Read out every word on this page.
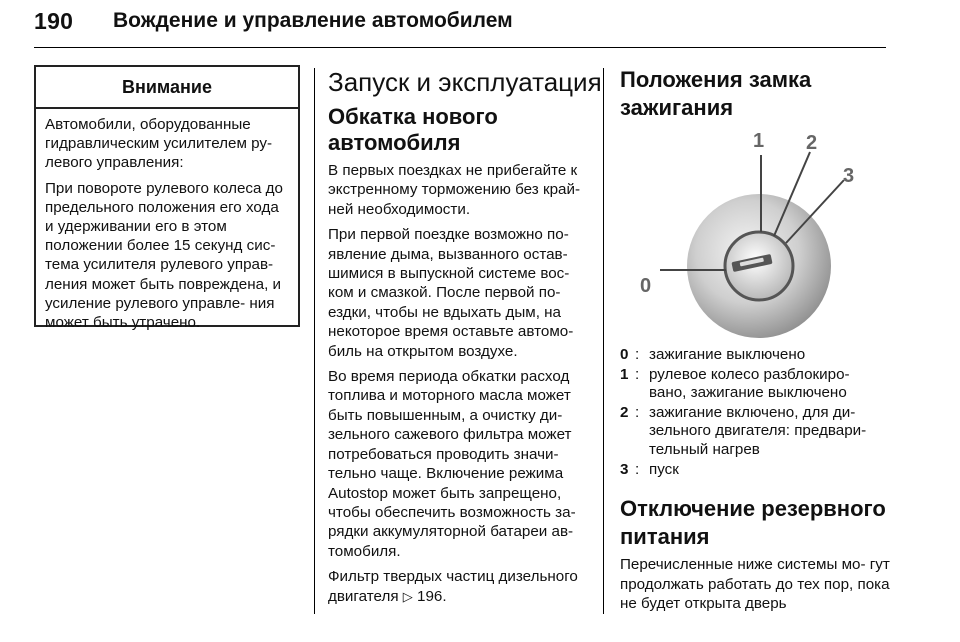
190 Вождение и управление автомобилем
Внимание

Автомобили, оборудованные гидравлическим усилителем ру- левого управления:

При повороте рулевого колеса до предельного положения его хода и удерживании его в этом положении более 15 секунд сис- тема усилителя рулевого управ- ления может быть повреждена, и усиление рулевого управле- ния может быть утрачено.

Запуск и эксплуатация
Обкатка нового автомобиля

В первых поездках не прибегайте к экстренному торможению без край- ней необходимости.

При первой поездке возможно по- явление дыма, вызванного остав- шимися в выпускной системе вос- ком и смазкой. После первой по- ездки, чтобы не вдыхать дым, на некоторое время оставьте автомо- биль на открытом воздухе.

Во время периода обкатки расход топлива и моторного масла может быть повышенным, а очистку ди- зельного сажевого фильтра может потребоваться проводить значи- тельно чаще. Включение режима Autostop может быть запрещено, чтобы обеспечить возможность за- рядки аккумуляторной батареи ав- томобиля.

Фильтр твердых частиц дизельного двигателя ▷ 196.

Положения замка зажигания
0
1 2
3
0 : зажигание выключено
1 : рулевое колесо разблокиро- вано, зажигание выключено
2 : зажигание включено, для ди- зельного двигателя: предвари- тельный нагрев
3 : пуск
Отключение резервного питания

Перечисленные ниже системы мо- гут продолжать работать до тех пор, пока не будет открыта дверь
